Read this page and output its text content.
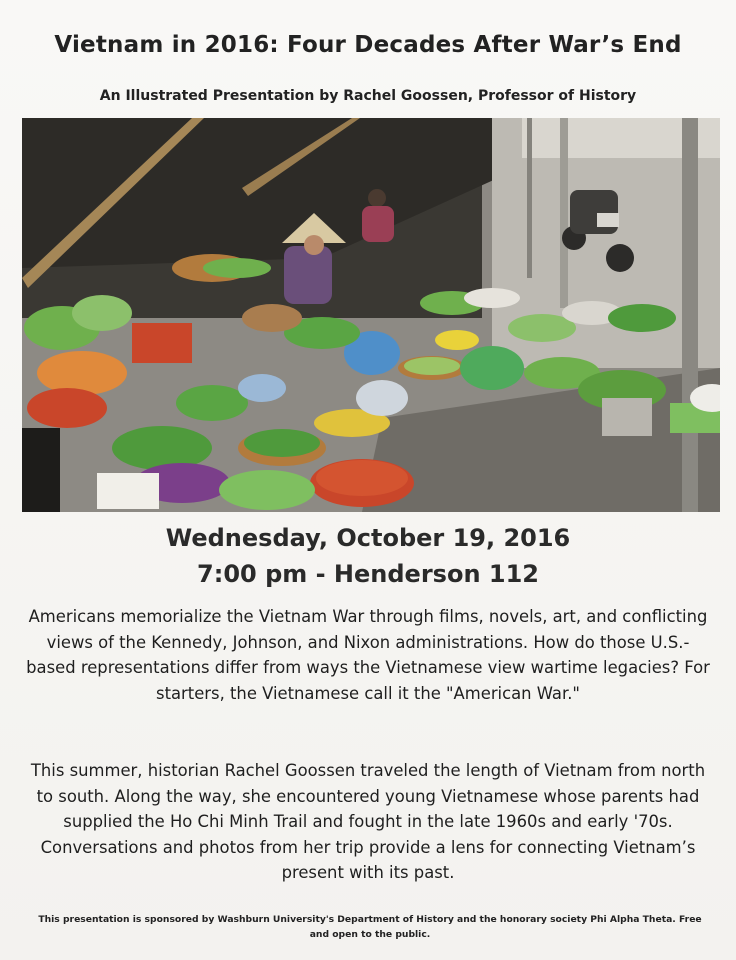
Vietnam in 2016: Four Decades After War’s End

An Illustrated Presentation by Rachel Goossen, Professor of History

Wednesday, October 19, 2016
7:00 pm - Henderson 112

Americans memorialize the Vietnam War through films, novels, art, and conflicting views of the Kennedy, Johnson, and Nixon administrations. How do those U.S.-based representations differ from ways the Vietnamese view wartime legacies? For starters, the Vietnamese call it the "American War."

This summer, historian Rachel Goossen traveled the length of Vietnam from north to south. Along the way, she encountered young Vietnamese whose parents had supplied the Ho Chi Minh Trail and fought in the late 1960s and early '70s. Conversations and photos from her trip provide a lens for connecting Vietnam’s present with its past.

This presentation is sponsored by Washburn University's Department of History and the honorary society Phi Alpha Theta. Free and open to the public.
